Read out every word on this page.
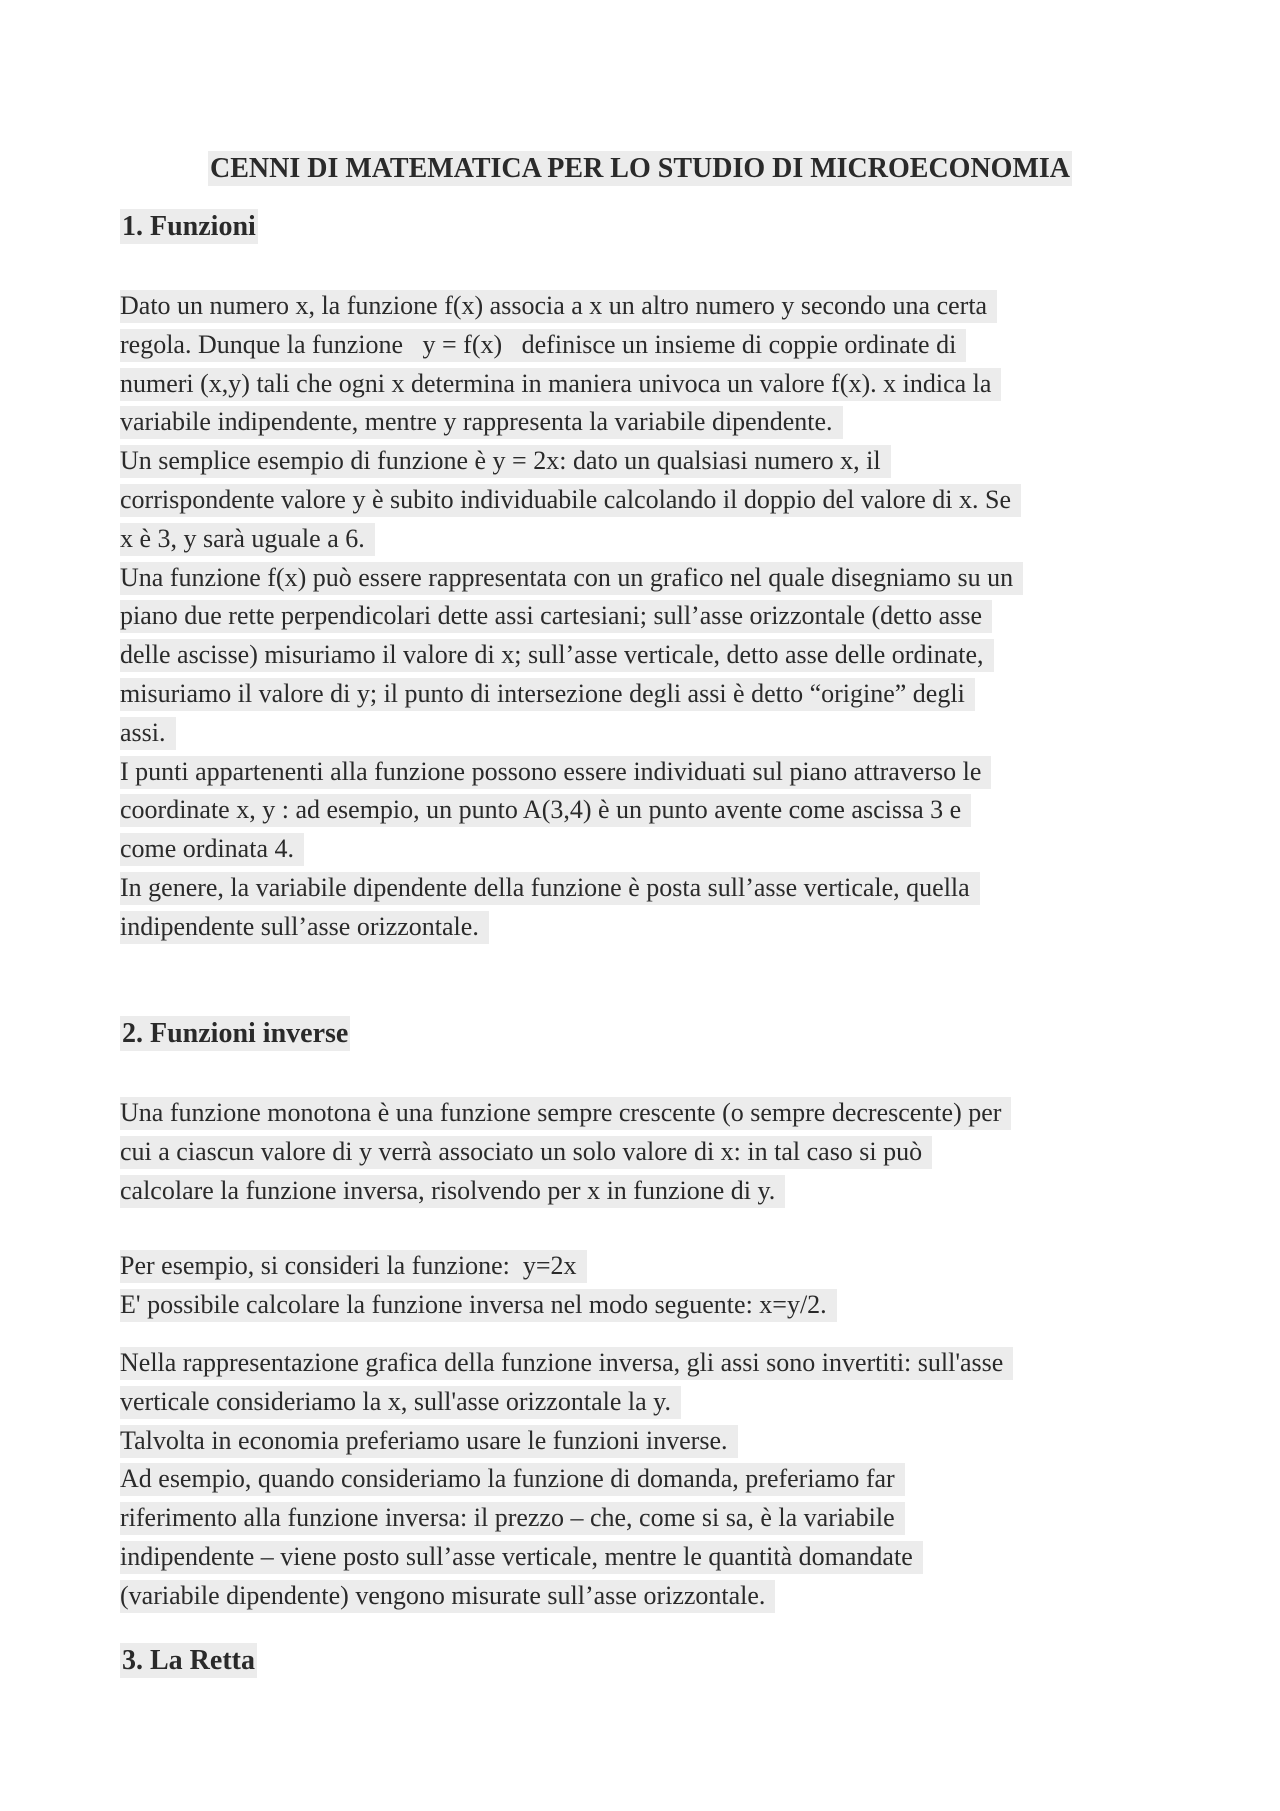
CENNI DI MATEMATICA PER LO STUDIO DI MICROECONOMIA
1. Funzioni
Dato un numero x, la funzione f(x) associa a x un altro numero y secondo una certa
regola. Dunque la funzione   y = f(x)   definisce un insieme di coppie ordinate di
numeri (x,y) tali che ogni x determina in maniera univoca un valore f(x). x indica la
variabile indipendente, mentre y rappresenta la variabile dipendente.
Un semplice esempio di funzione è y = 2x: dato un qualsiasi numero x, il
corrispondente valore y è subito individuabile calcolando il doppio del valore di x. Se
x è 3, y sarà uguale a 6.
Una funzione f(x) può essere rappresentata con un grafico nel quale disegniamo su un
piano due rette perpendicolari dette assi cartesiani; sull’asse orizzontale (detto asse
delle ascisse) misuriamo il valore di x; sull’asse verticale, detto asse delle ordinate,
misuriamo il valore di y; il punto di intersezione degli assi è detto “origine” degli
assi.
I punti appartenenti alla funzione possono essere individuati sul piano attraverso le
coordinate x, y : ad esempio, un punto A(3,4) è un punto avente come ascissa 3 e
come ordinata 4.
In genere, la variabile dipendente della funzione è posta sull’asse verticale, quella
indipendente sull’asse orizzontale.
2. Funzioni inverse
Una funzione monotona è una funzione sempre crescente (o sempre decrescente) per
cui a ciascun valore di y verrà associato un solo valore di x: in tal caso si può
calcolare la funzione inversa, risolvendo per x in funzione di y.
Per esempio, si consideri la funzione:  y=2x
E' possibile calcolare la funzione inversa nel modo seguente: x=y/2.
Nella rappresentazione grafica della funzione inversa, gli assi sono invertiti: sull'asse
verticale consideriamo la x, sull'asse orizzontale la y.
Talvolta in economia preferiamo usare le funzioni inverse.
Ad esempio, quando consideriamo la funzione di domanda, preferiamo far
riferimento alla funzione inversa: il prezzo – che, come si sa, è la variabile
indipendente – viene posto sull’asse verticale, mentre le quantità domandate
(variabile dipendente) vengono misurate sull’asse orizzontale.
3. La Retta
